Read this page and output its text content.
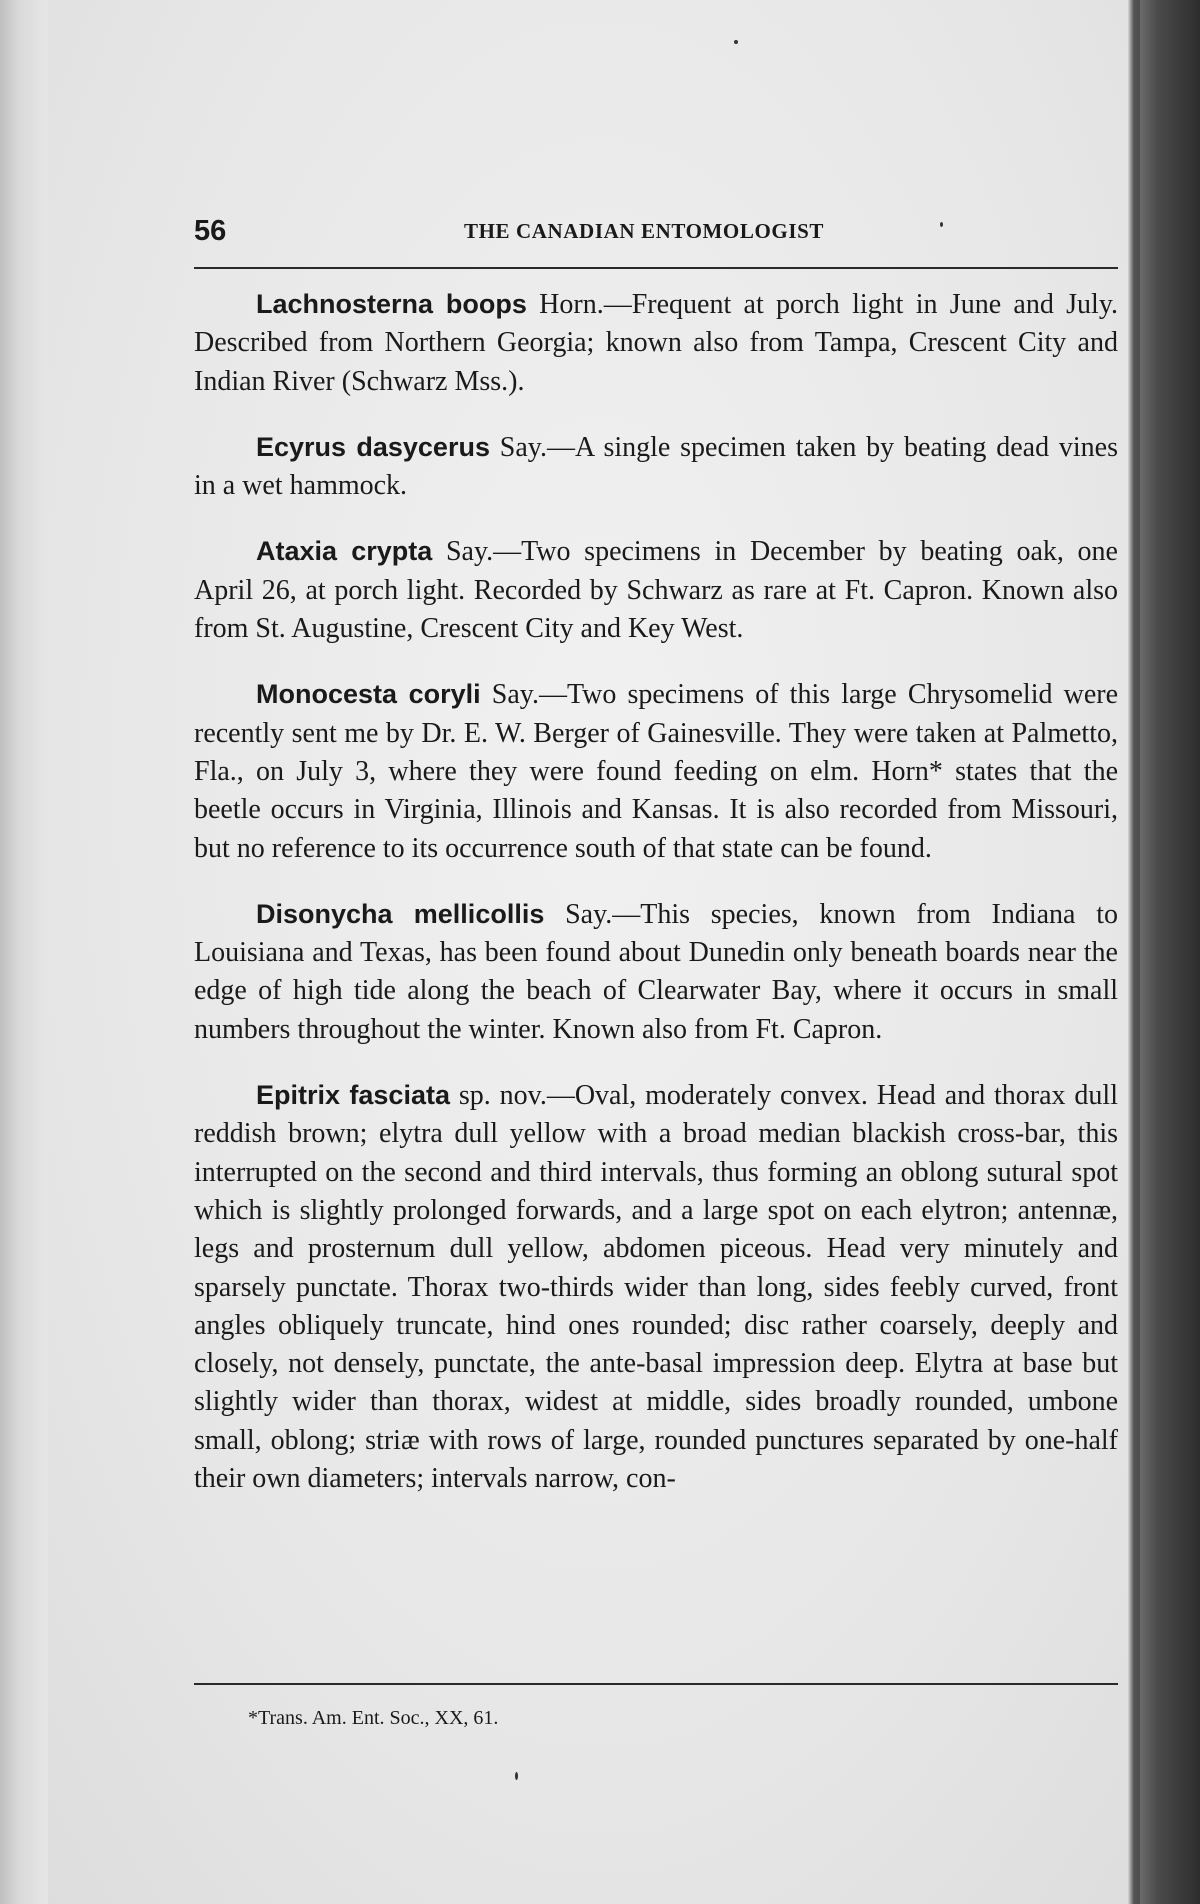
56	THE CANADIAN ENTOMOLOGIST

Lachnosterna boops Horn.—Frequent at porch light in June and July. Described from Northern Georgia; known also from Tampa, Crescent City and Indian River (Schwarz Mss.).

Ecyrus dasycerus Say.—A single specimen taken by beating dead vines in a wet hammock.

Ataxia crypta Say.—Two specimens in December by beating oak, one April 26, at porch light. Recorded by Schwarz as rare at Ft. Capron. Known also from St. Augustine, Crescent City and Key West.

Monocesta coryli Say.—Two specimens of this large Chrysomelid were recently sent me by Dr. E. W. Berger of Gainesville. They were taken at Palmetto, Fla., on July 3, where they were found feeding on elm. Horn* states that the beetle occurs in Virginia, Illinois and Kansas. It is also recorded from Missouri, but no reference to its occurrence south of that state can be found.

Disonycha mellicollis Say.—This species, known from Indiana to Louisiana and Texas, has been found about Dunedin only beneath boards near the edge of high tide along the beach of Clearwater Bay, where it occurs in small numbers throughout the winter. Known also from Ft. Capron.

Epitrix fasciata sp. nov.—Oval, moderately convex. Head and thorax dull reddish brown; elytra dull yellow with a broad median blackish cross-bar, this interrupted on the second and third intervals, thus forming an oblong sutural spot which is slightly prolonged forwards, and a large spot on each elytron; antennæ, legs and prosternum dull yellow, abdomen piceous. Head very minutely and sparsely punctate. Thorax two-thirds wider than long, sides feebly curved, front angles obliquely truncate, hind ones rounded; disc rather coarsely, deeply and closely, not densely, punctate, the ante-basal impression deep. Elytra at base but slightly wider than thorax, widest at middle, sides broadly rounded, umbone small, oblong; striæ with rows of large, rounded punctures separated by one-half their own diameters; intervals narrow, con-

*Trans. Am. Ent. Soc., XX, 61.
